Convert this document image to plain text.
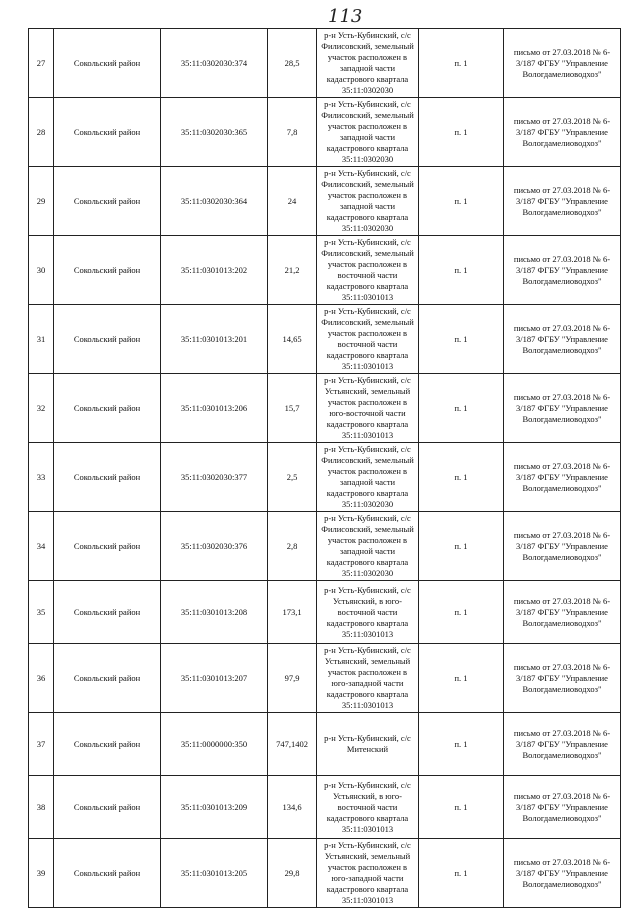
113
27	Сокольский район	35:11:0302030:374	28,5	р-н Усть-Кубинский, с/с Филисовский, земельный участок расположен в западной части кадастрового квартала 35:11:0302030	п. 1	письмо от 27.03.2018 № 6-3/187 ФГБУ "Управление Вологдамелиоводхоз"
28	Сокольский район	35:11:0302030:365	7,8	р-н Усть-Кубинский, с/с Филисовский, земельный участок расположен в западной части кадастрового квартала 35:11:0302030	п. 1	письмо от 27.03.2018 № 6-3/187 ФГБУ "Управление Вологдамелиоводхоз"
29	Сокольский район	35:11:0302030:364	24	р-н Усть-Кубинский, с/с Филисовский, земельный участок расположен в западной части кадастрового квартала 35:11:0302030	п. 1	письмо от 27.03.2018 № 6-3/187 ФГБУ "Управление Вологдамелиоводхоз"
30	Сокольский район	35:11:0301013:202	21,2	р-н Усть-Кубинский, с/с Филисовский, земельный участок расположен в восточной части кадастрового квартала 35:11:0301013	п. 1	письмо от 27.03.2018 № 6-3/187 ФГБУ "Управление Вологдамелиоводхоз"
31	Сокольский район	35:11:0301013:201	14,65	р-н Усть-Кубинский, с/с Филисовский, земельный участок расположен в восточной части кадастрового квартала 35:11:0301013	п. 1	письмо от 27.03.2018 № 6-3/187 ФГБУ "Управление Вологдамелиоводхоз"
32	Сокольский район	35:11:0301013:206	15,7	р-н Усть-Кубинский, с/с Устьянский, земельный участок расположен в юго-восточной части кадастрового квартала 35:11:0301013	п. 1	письмо от 27.03.2018 № 6-3/187 ФГБУ "Управление Вологдамелиоводхоз"
33	Сокольский район	35:11:0302030:377	2,5	р-н Усть-Кубинский, с/с Филисовский, земельный участок расположен в западной части кадастрового квартала 35:11:0302030	п. 1	письмо от 27.03.2018 № 6-3/187 ФГБУ "Управление Вологдамелиоводхоз"
34	Сокольский район	35:11:0302030:376	2,8	р-н Усть-Кубинский, с/с Филисовский, земельный участок расположен в западной части кадастрового квартала 35:11:0302030	п. 1	письмо от 27.03.2018 № 6-3/187 ФГБУ "Управление Вологдамелиоводхоз"
35	Сокольский район	35:11:0301013:208	173,1	р-н Усть-Кубинский, с/с Устьянский, в юго-восточной части кадастрового квартала 35:11:0301013	п. 1	письмо от 27.03.2018 № 6-3/187 ФГБУ "Управление Вологдамелиоводхоз"
36	Сокольский район	35:11:0301013:207	97,9	р-н Усть-Кубинский, с/с Устьянский, земельный участок расположен в юго-западной части кадастрового квартала 35:11:0301013	п. 1	письмо от 27.03.2018 № 6-3/187 ФГБУ "Управление Вологдамелиоводхоз"
37	Сокольский район	35:11:0000000:350	747,1402	р-н Усть-Кубинский, с/с Митенский	п. 1	письмо от 27.03.2018 № 6-3/187 ФГБУ "Управление Вологдамелиоводхоз"
38	Сокольский район	35:11:0301013:209	134,6	р-н Усть-Кубинский, с/с Устьянский, в юго-восточной части кадастрового квартала 35:11:0301013	п. 1	письмо от 27.03.2018 № 6-3/187 ФГБУ "Управление Вологдамелиоводхоз"
39	Сокольский район	35:11:0301013:205	29,8	р-н Усть-Кубинский, с/с Устьянский, земельный участок расположен в юго-западной части кадастрового квартала 35:11:0301013	п. 1	письмо от 27.03.2018 № 6-3/187 ФГБУ "Управление Вологдамелиоводхоз"
